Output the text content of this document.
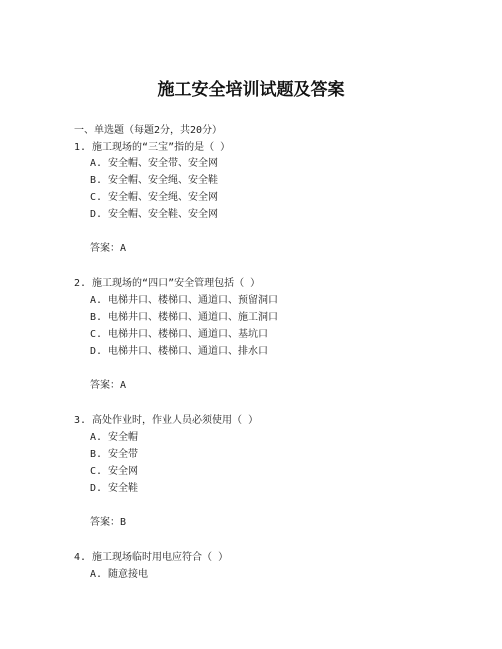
施工安全培训试题及答案
一、单选题（每题2分，共20分）
1. 施工现场的“三宝”指的是（ ）
A. 安全帽、安全带、安全网
B. 安全帽、安全绳、安全鞋
C. 安全帽、安全绳、安全网
D. 安全帽、安全鞋、安全网
答案：A
2. 施工现场的“四口”安全管理包括（ ）
A. 电梯井口、楼梯口、通道口、预留洞口
B. 电梯井口、楼梯口、通道口、施工洞口
C. 电梯井口、楼梯口、通道口、基坑口
D. 电梯井口、楼梯口、通道口、排水口
答案：A
3. 高处作业时，作业人员必须使用（ ）
A. 安全帽
B. 安全带
C. 安全网
D. 安全鞋
答案：B
4. 施工现场临时用电应符合（ ）
A. 随意接电
